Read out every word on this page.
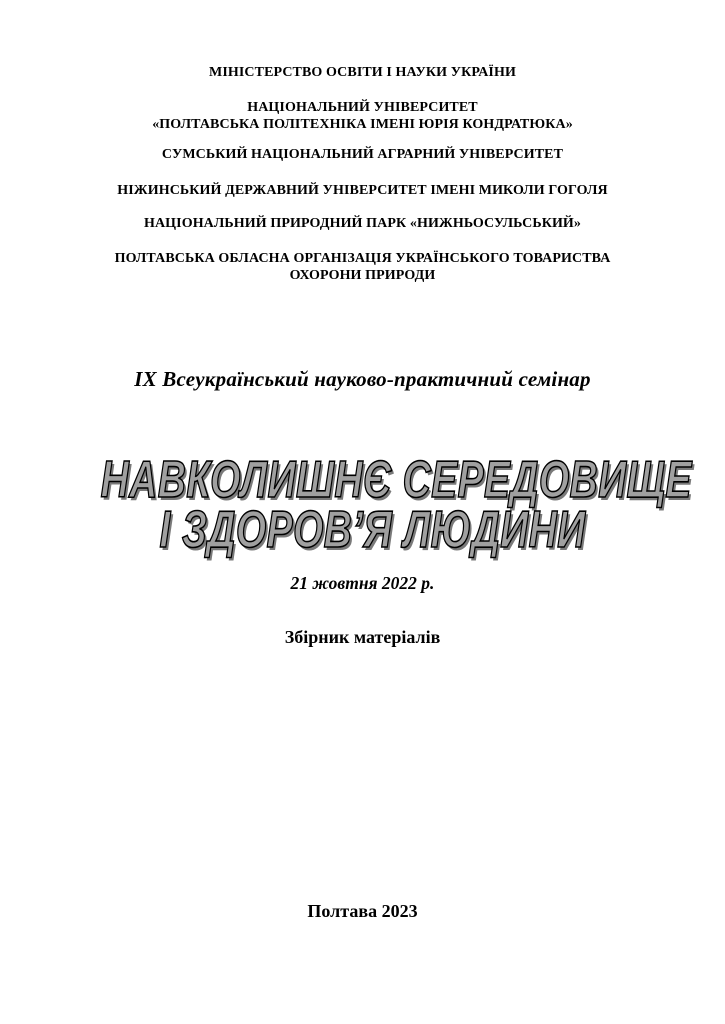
МІНІСТЕРСТВО ОСВІТИ І НАУКИ УКРАЇНИ
НАЦІОНАЛЬНИЙ УНІВЕРСИТЕТ
«ПОЛТАВСЬКА ПОЛІТЕХНІКА ІМЕНІ ЮРІЯ КОНДРАТЮКА»
СУМСЬКИЙ НАЦІОНАЛЬНИЙ АГРАРНИЙ УНІВЕРСИТЕТ
НІЖИНСЬКИЙ ДЕРЖАВНИЙ УНІВЕРСИТЕТ ІМЕНІ МИКОЛИ ГОГОЛЯ
НАЦІОНАЛЬНИЙ ПРИРОДНИЙ ПАРК «НИЖНЬОСУЛЬСЬКИЙ»
ПОЛТАВСЬКА ОБЛАСНА ОРГАНІЗАЦІЯ УКРАЇНСЬКОГО ТОВАРИСТВА
ОХОРОНИ ПРИРОДИ
IX Всеукраїнський науково-практичний семінар
НАВКОЛИШНЄ СЕРЕДОВИЩЕ
І ЗДОРОВ’Я ЛЮДИНИ
21 жовтня 2022 р.
Збірник матеріалів
Полтава 2023
